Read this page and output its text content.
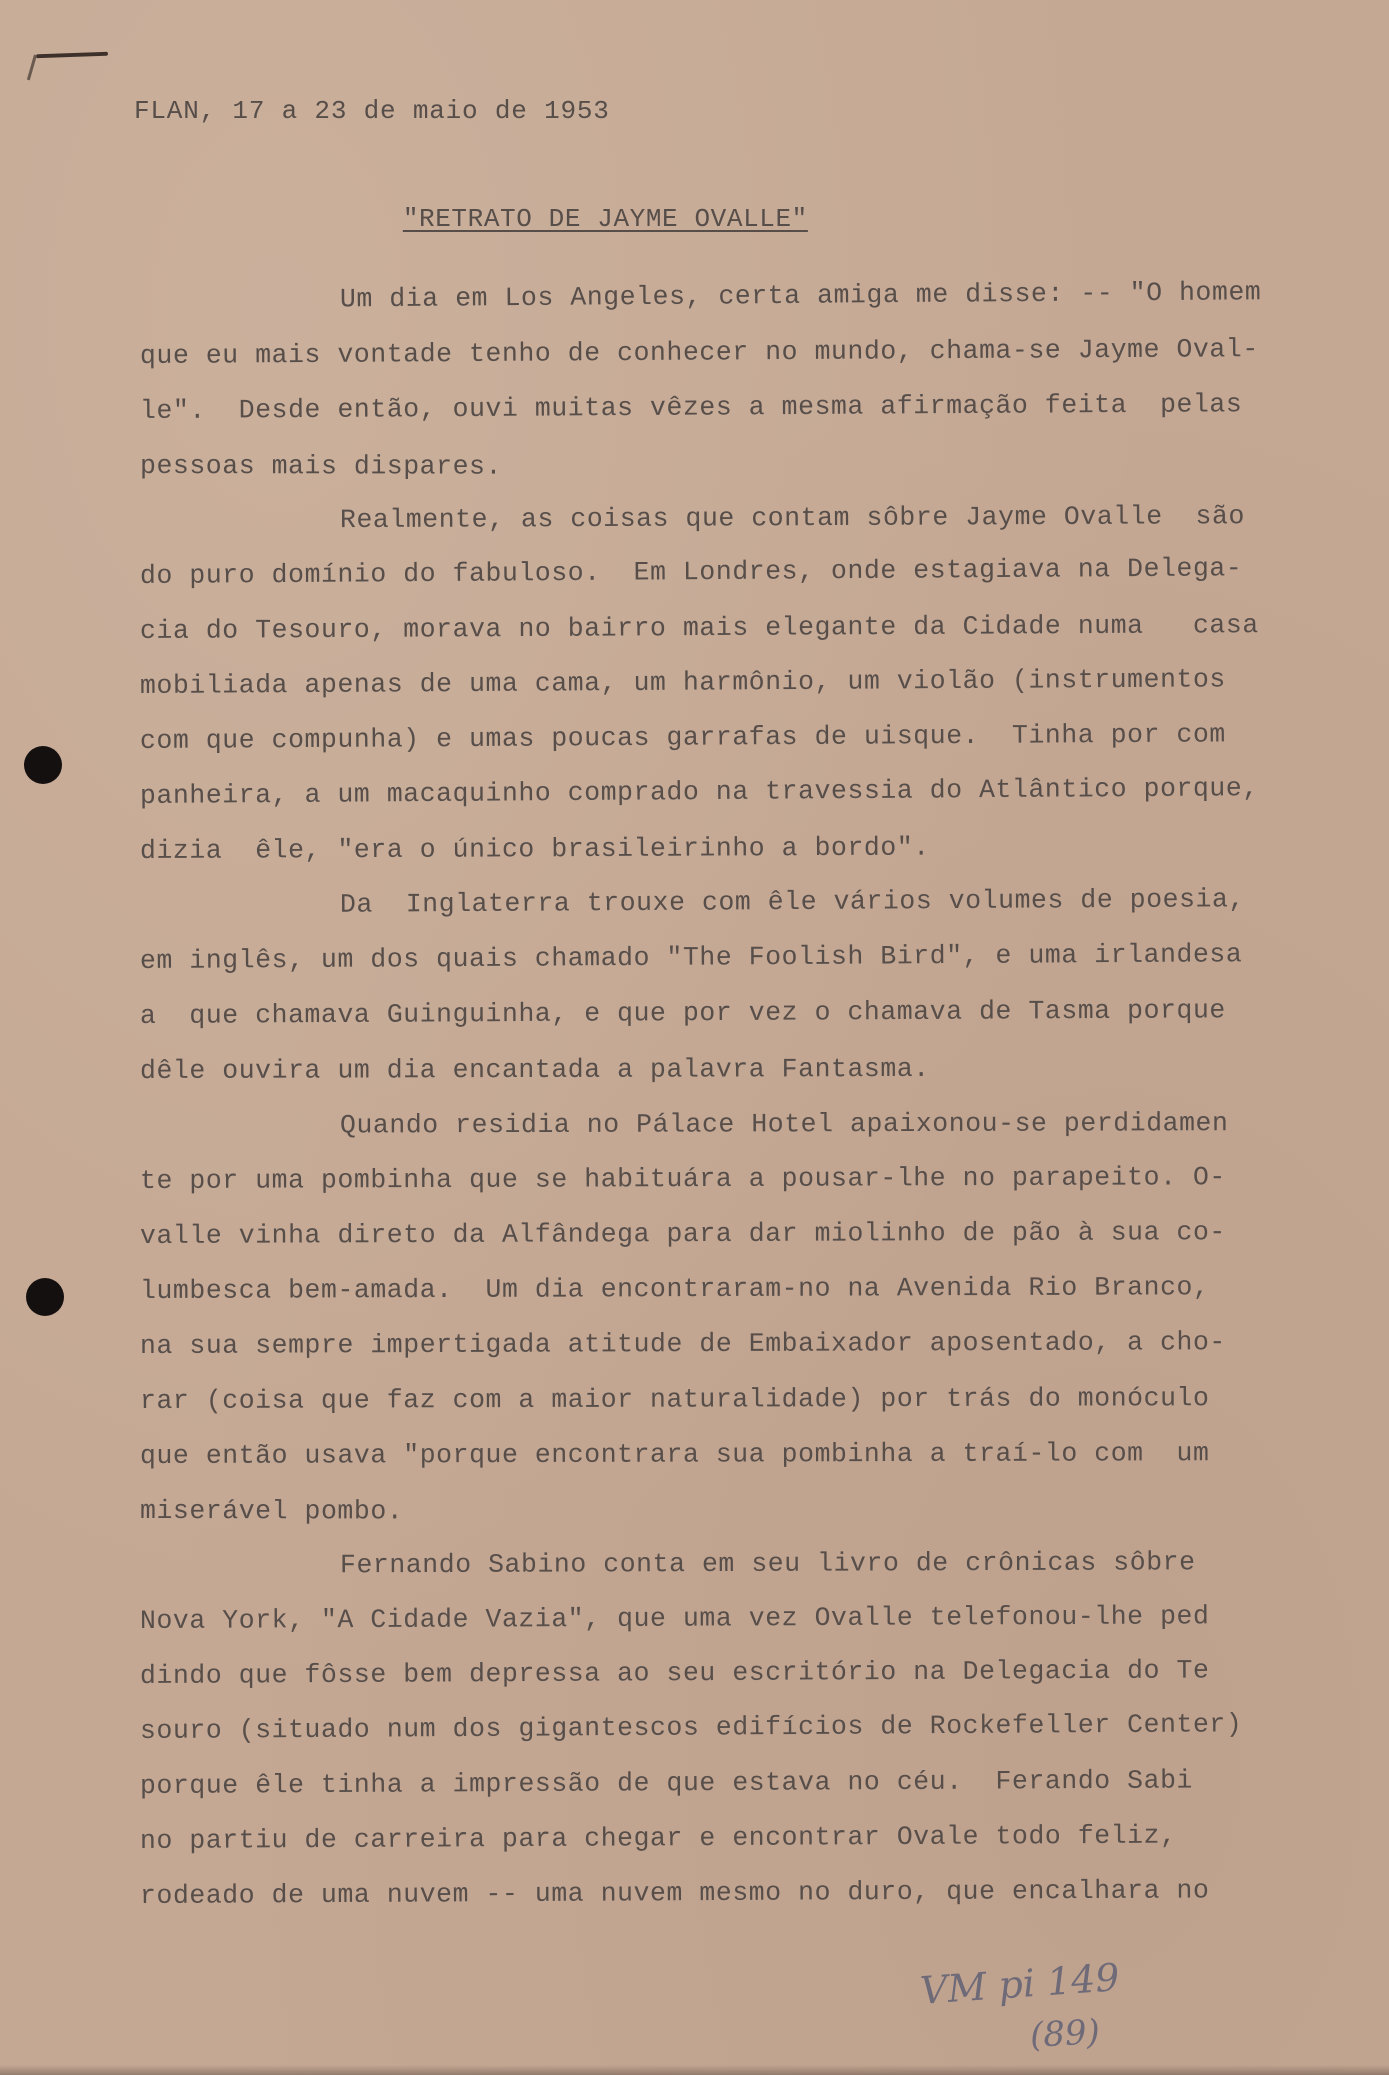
FLAN, 17 a 23 de maio de 1953

"RETRATO DE JAYME OVALLE"

Um dia em Los Angeles, certa amiga me disse: -- "O homem
que eu mais vontade tenho de conhecer no mundo, chama-se Jayme Oval-
le".  Desde então, ouvi muitas vêzes a mesma afirmação feita  pelas
pessoas mais dispares.
Realmente, as coisas que contam sôbre Jayme Ovalle  são
do puro domínio do fabuloso.  Em Londres, onde estagiava na Delega-
cia do Tesouro, morava no bairro mais elegante da Cidade numa   casa
mobiliada apenas de uma cama, um harmônio, um violão (instrumentos
com que compunha) e umas poucas garrafas de uisque.  Tinha por com
panheira, a um macaquinho comprado na travessia do Atlântico porque,
dizia  êle, "era o único brasileirinho a bordo".
Da  Inglaterra trouxe com êle vários volumes de poesia,
em inglês, um dos quais chamado "The Foolish Bird", e uma irlandesa
a  que chamava Guinguinha, e que por vez o chamava de Tasma porque
dêle ouvira um dia encantada a palavra Fantasma.
Quando residia no Pálace Hotel apaixonou-se perdidamen
te por uma pombinha que se habituára a pousar-lhe no parapeito. O-
valle vinha direto da Alfândega para dar miolinho de pão à sua co-
lumbesca bem-amada.  Um dia encontraram-no na Avenida Rio Branco,
na sua sempre impertigada atitude de Embaixador aposentado, a cho-
rar (coisa que faz com a maior naturalidade) por trás do monóculo
que então usava "porque encontrara sua pombinha a traí-lo com  um
miserável pombo.
Fernando Sabino conta em seu livro de crônicas sôbre
Nova York, "A Cidade Vazia", que uma vez Ovalle telefonou-lhe ped
dindo que fôsse bem depressa ao seu escritório na Delegacia do Te
souro (situado num dos gigantescos edifícios de Rockefeller Center)
porque êle tinha a impressão de que estava no céu.  Ferando Sabi
no partiu de carreira para chegar e encontrar Ovale todo feliz,
rodeado de uma nuvem -- uma nuvem mesmo no duro, que encalhara no
VM pi 149
(89)
